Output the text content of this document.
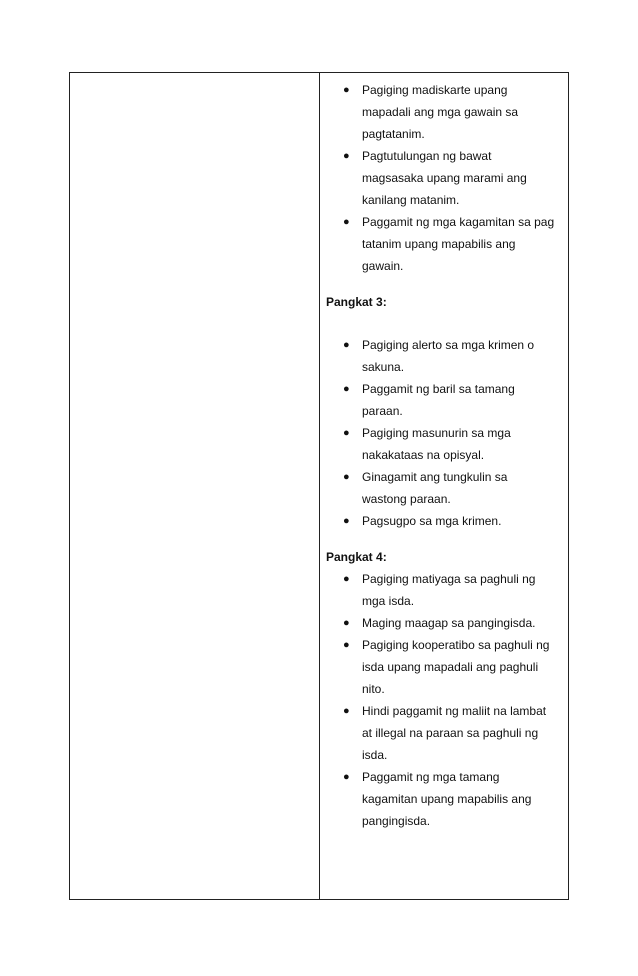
● Pagiging madiskarte upang
mapadali ang mga gawain sa
pagtatanim.
● Pagtutulungan ng bawat
magsasaka upang marami ang
kanilang matanim.
● Paggamit ng mga kagamitan sa pag
tatanim upang mapabilis ang
gawain.

Pangkat 3:

● Pagiging alerto sa mga krimen o
sakuna.
● Paggamit ng baril sa tamang
paraan.
● Pagiging masunurin sa mga
nakakataas na opisyal.
● Ginagamit ang tungkulin sa
wastong paraan.
● Pagsugpo sa mga krimen.

Pangkat 4:

● Pagiging matiyaga sa paghuli ng
mga isda.
● Maging maagap sa pangingisda.
● Pagiging kooperatibo sa paghuli ng
isda upang mapadali ang paghuli
nito.
● Hindi paggamit ng maliit na lambat
at illegal na paraan sa paghuli ng
isda.
● Paggamit ng mga tamang
kagamitan upang mapabilis ang
pangingisda.
